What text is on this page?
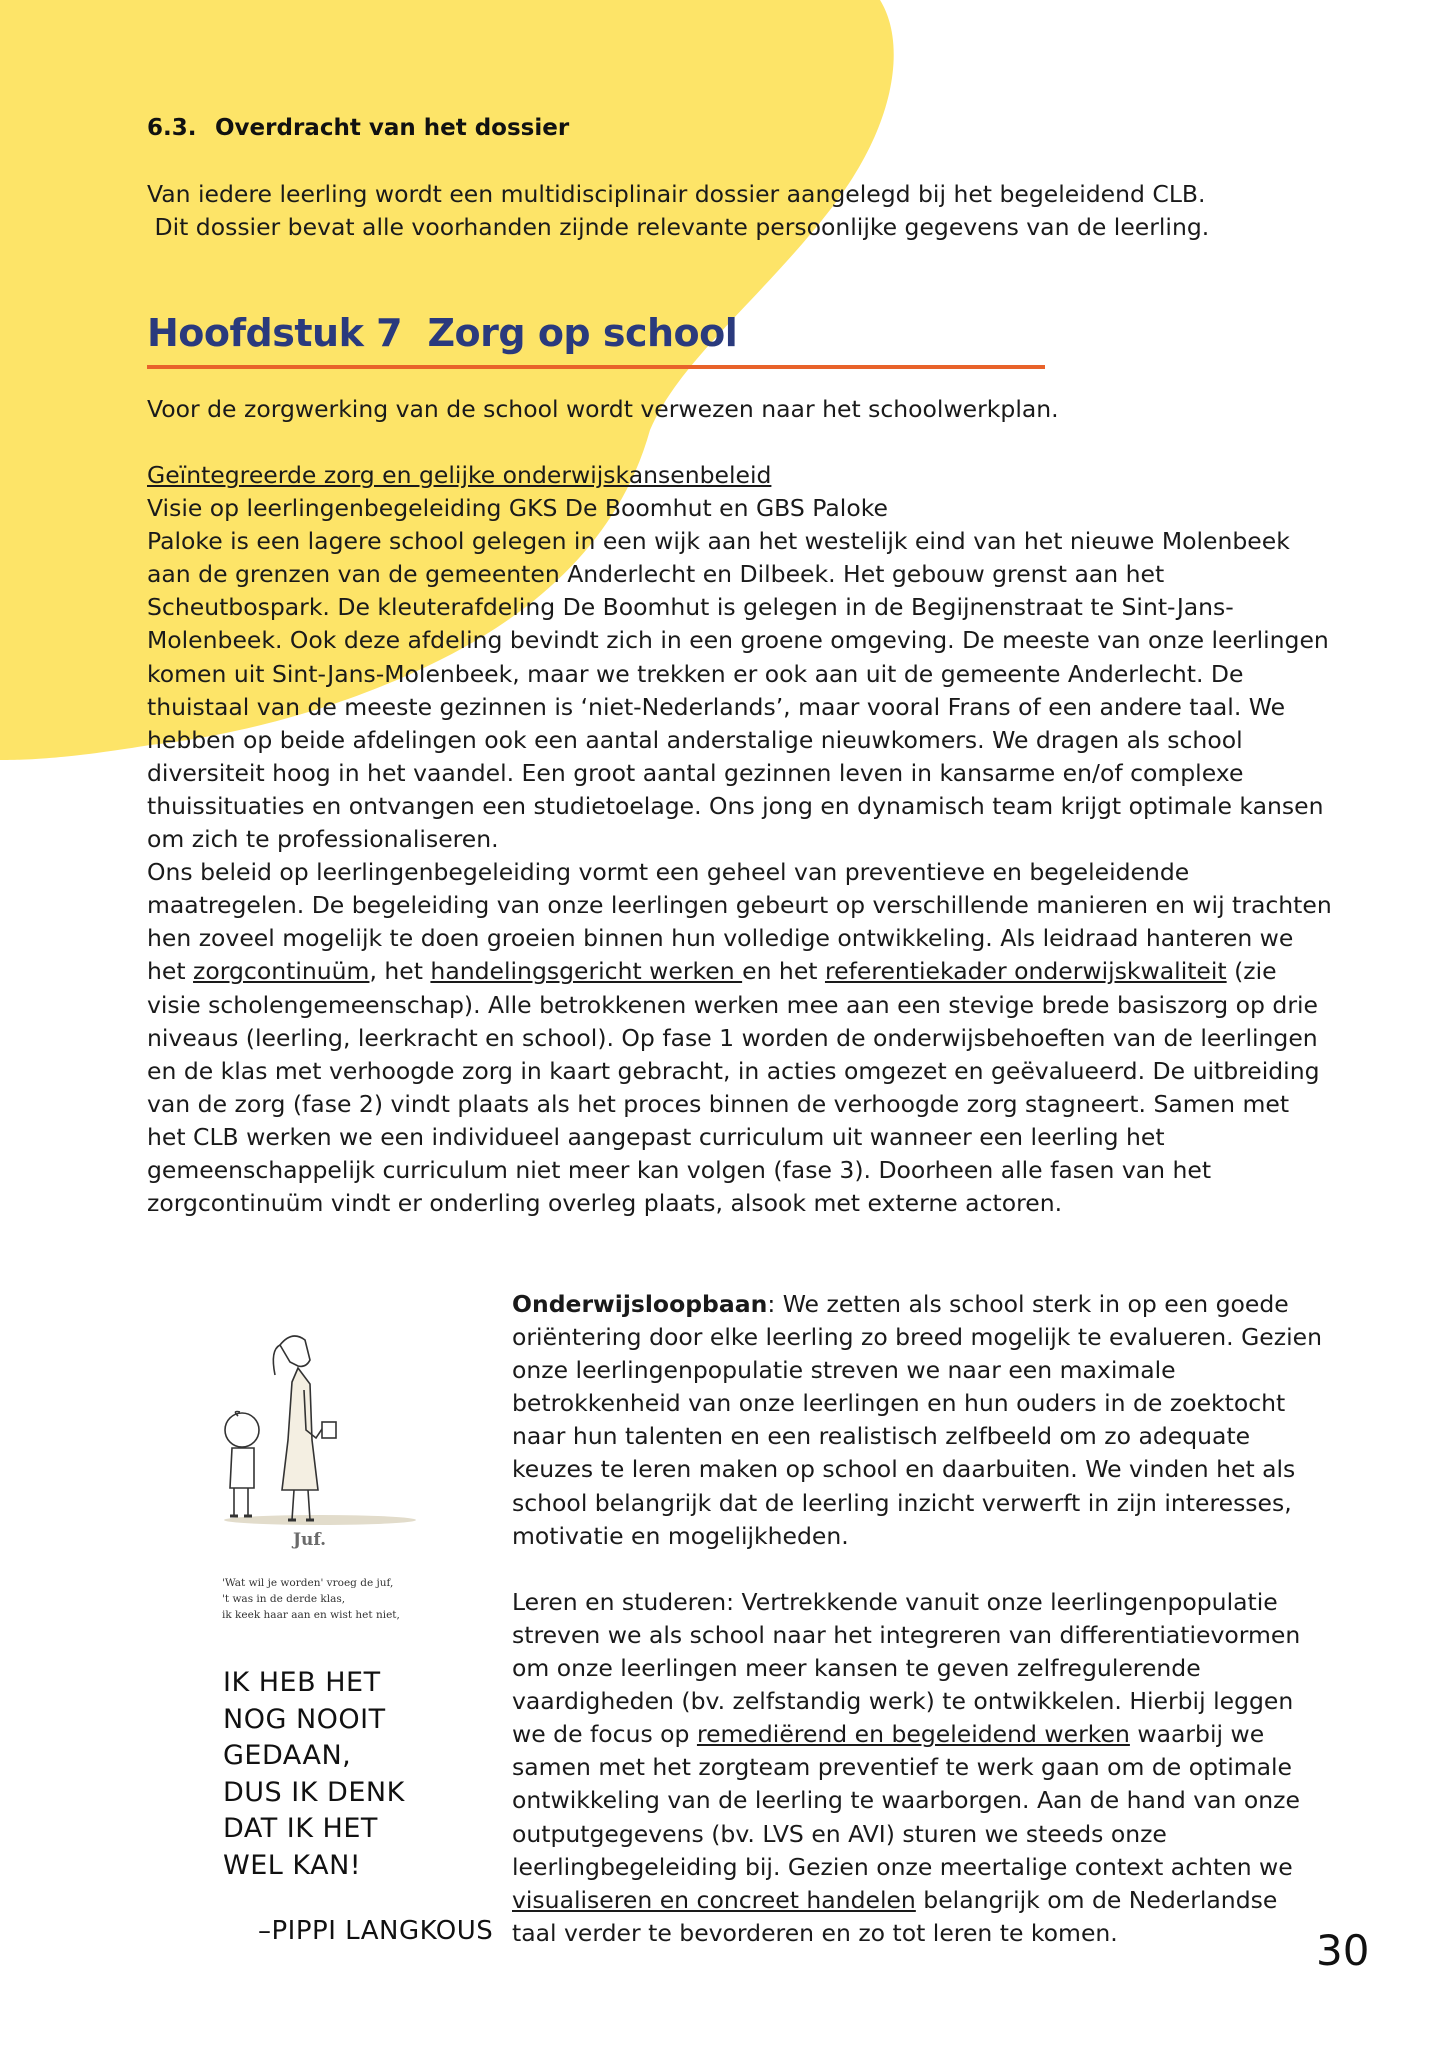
6.3. Overdracht van het dossier

Van iedere leerling wordt een multidisciplinair dossier aangelegd bij het begeleidend CLB.

Dit dossier bevat alle voorhanden zijnde relevante persoonlijke gegevens van de leerling.

Hoofdstuk 7  Zorg op school
Voor de zorgwerking van de school wordt verwezen naar het schoolwerkplan.

Geïntegreerde zorg en gelijke onderwijskansenbeleid

Visie op leerlingenbegeleiding GKS De Boomhut en GBS Paloke

Paloke is een lagere school gelegen in een wijk aan het westelijk eind van het nieuwe Molenbeek aan de grenzen van de gemeenten Anderlecht en Dilbeek. Het gebouw grenst aan het Scheutbospark. De kleuterafdeling De Boomhut is gelegen in de Begijnenstraat te Sint-Jans-Molenbeek. Ook deze afdeling bevindt zich in een groene omgeving. De meeste van onze leerlingen komen uit Sint-Jans-Molenbeek, maar we trekken er ook aan uit de gemeente Anderlecht. De thuistaal van de meeste gezinnen is ‘niet-Nederlands’, maar vooral Frans of een andere taal. We hebben op beide afdelingen ook een aantal anderstalige nieuwkomers. We dragen als school diversiteit hoog in het vaandel. Een groot aantal gezinnen leven in kansarme en/of complexe thuissituaties en ontvangen een studietoelage. Ons jong en dynamisch team krijgt optimale kansen om zich te professionaliseren.

Ons beleid op leerlingenbegeleiding vormt een geheel van preventieve en begeleidende maatregelen. De begeleiding van onze leerlingen gebeurt op verschillende manieren en wij trachten hen zoveel mogelijk te doen groeien binnen hun volledige ontwikkeling. Als leidraad hanteren we het zorgcontinuüm, het handelingsgericht werken en het referentiekader onderwijskwaliteit (zie visie scholengemeenschap). Alle betrokkenen werken mee aan een stevige brede basiszorg op drie niveaus (leerling, leerkracht en school). Op fase 1 worden de onderwijsbehoeften van de leerlingen en de klas met verhoogde zorg in kaart gebracht, in acties omgezet en geëvalueerd. De uitbreiding van de zorg (fase 2) vindt plaats als het proces binnen de verhoogde zorg stagneert. Samen met het CLB werken we een individueel aangepast curriculum uit wanneer een leerling het gemeenschappelijk curriculum niet meer kan volgen (fase 3). Doorheen alle fasen van het zorgcontinuüm vindt er onderling overleg plaats, alsook met externe actoren.

Juf.

'Wat wil je worden' vroeg de juf,

't was in de derde klas,

ik keek haar aan en wist het niet,

IK HEB HET

NOG NOOIT

GEDAAN,

DUS IK DENK

DAT IK HET

WEL KAN!

–PIPPI LANGKOUS

Onderwijsloopbaan: We zetten als school sterk in op een goede oriëntering door elke leerling zo breed mogelijk te evalueren. Gezien onze leerlingenpopulatie streven we naar een maximale betrokkenheid van onze leerlingen en hun ouders in de zoektocht naar hun talenten en een realistisch zelfbeeld om zo adequate keuzes te leren maken op school en daarbuiten. We vinden het als school belangrijk dat de leerling inzicht verwerft in zijn interesses, motivatie en mogelijkheden.

Leren en studeren: Vertrekkende vanuit onze leerlingenpopulatie streven we als school naar het integreren van differentiatievormen om onze leerlingen meer kansen te geven zelfregulerende vaardigheden (bv. zelfstandig werk) te ontwikkelen. Hierbij leggen we de focus op remediërend en begeleidend werken waarbij we samen met het zorgteam preventief te werk gaan om de optimale ontwikkeling van de leerling te waarborgen. Aan de hand van onze outputgegevens (bv. LVS en AVI) sturen we steeds onze leerlingbegeleiding bij. Gezien onze meertalige context achten we visualiseren en concreet handelen belangrijk om de Nederlandse taal verder te bevorderen en zo tot leren te komen.	30
